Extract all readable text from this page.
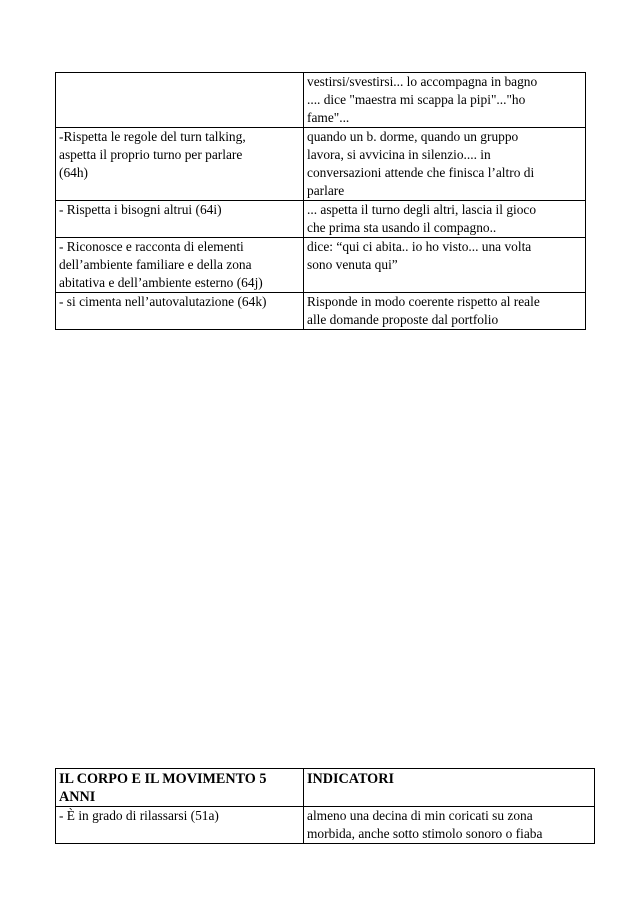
	vestirsi/svestirsi... lo accompagna in bagno
.... dice "maestra mi scappa la pipi"..."ho
fame"...
-Rispetta le regole del turn talking,
aspetta il proprio turno per parlare
(64h)	quando un b. dorme, quando un gruppo
lavora, si avvicina in silenzio.... in
conversazioni attende che finisca l’altro di
parlare
- Rispetta i bisogni altrui (64i)	... aspetta il turno degli altri, lascia il gioco
che prima sta usando il compagno..
- Riconosce e racconta di elementi
dell’ambiente familiare e della zona
abitativa e dell’ambiente esterno (64j)	dice: “qui ci abita.. io ho visto... una volta
sono venuta qui”
- si cimenta nell’autovalutazione (64k)	Risponde in modo coerente rispetto al reale
alle domande proposte dal portfolio
IL CORPO E IL MOVIMENTO 5
ANNI	INDICATORI
- È in grado di rilassarsi (51a)	almeno una decina di min coricati su zona
morbida, anche sotto stimolo sonoro o fiaba
